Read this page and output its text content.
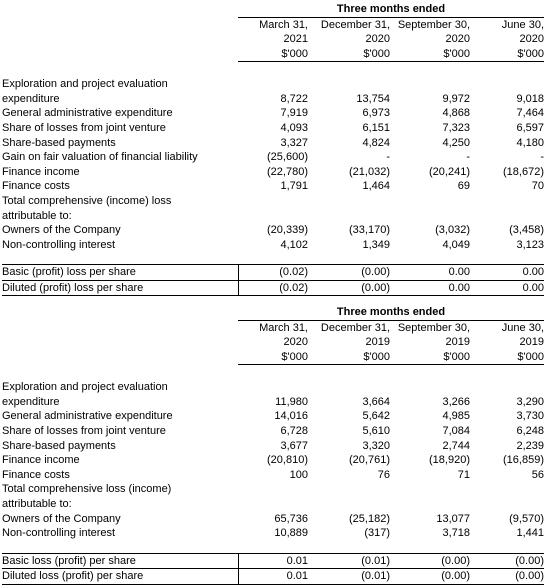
	Three months ended			
	March 31,	December 31,	September 30,	June 30,
	2021	2020	2020	2020
	$'000	$'000	$'000	$'000

Exploration and project evaluation				
expenditure	8,722	13,754	9,972	9,018
General administrative expenditure	7,919	6,973	4,868	7,464
Share of losses from joint venture	4,093	6,151	7,323	6,597
Share-based payments	3,327	4,824	4,250	4,180
Gain on fair valuation of financial liability	(25,600)	-	-	-
Finance income	(22,780)	(21,032)	(20,241)	(18,672)
Finance costs	1,791	1,464	69	70
Total comprehensive (income) loss				
attributable to:				
Owners of the Company	(20,339)	(33,170)	(3,032)	(3,458)
Non-controlling interest	4,102	1,349	4,049	3,123

Basic (profit) loss per share	(0.02)	(0.00)	0.00	0.00
Diluted (profit) loss per share	(0.02)	(0.00)	0.00	0.00
	Three months ended			
	March 31,	December 31,	September 30,	June 30,
	2020	2019	2019	2019
	$'000	$'000	$'000	$'000

Exploration and project evaluation				
expenditure	11,980	3,664	3,266	3,290
General administrative expenditure	14,016	5,642	4,985	3,730
Share of losses from joint venture	6,728	5,610	7,084	6,248
Share-based payments	3,677	3,320	2,744	2,239
Finance income	(20,810)	(20,761)	(18,920)	(16,859)
Finance costs	100	76	71	56
Total comprehensive loss (income)				
attributable to:				
Owners of the Company	65,736	(25,182)	13,077	(9,570)
Non-controlling interest	10,889	(317)	3,718	1,441

Basic loss (profit) per share	0.01	(0.01)	(0.00)	(0.00)
Diluted loss (profit) per share	0.01	(0.01)	(0.00)	(0.00)
